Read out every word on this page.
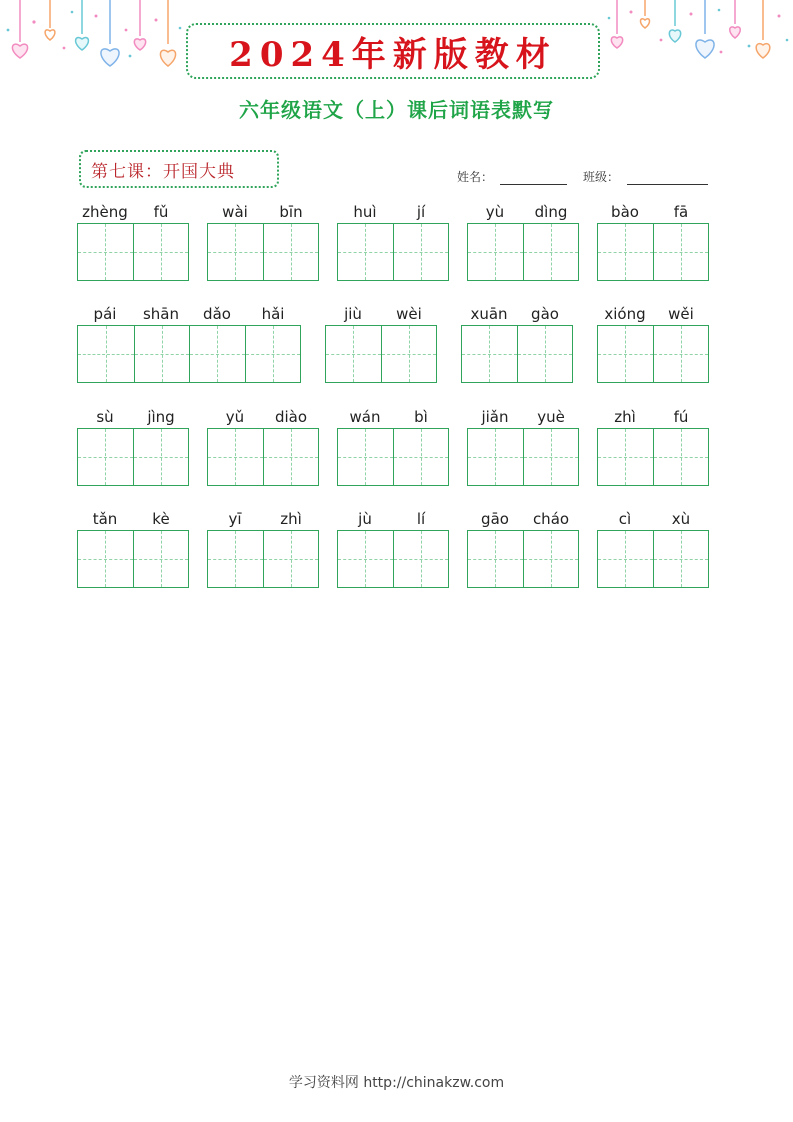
2024年新版教材
六年级语文（上）课后词语表默写
第七课：开国大典	姓名：	班级：
zhèng	fǔ	wài	bīn	huì	jí	yù	dìng	bào	fā
pái	shān	dǎo	hǎi	jiù	wèi	xuān	gào	xióng	wěi
sù	jìng	yǔ	diào	wán	bì	jiǎn	yuè	zhì	fú
tǎn	kè	yī	zhì	jù	lí	gāo	cháo	cì	xù
学习资料网 http://chinakzw.com
